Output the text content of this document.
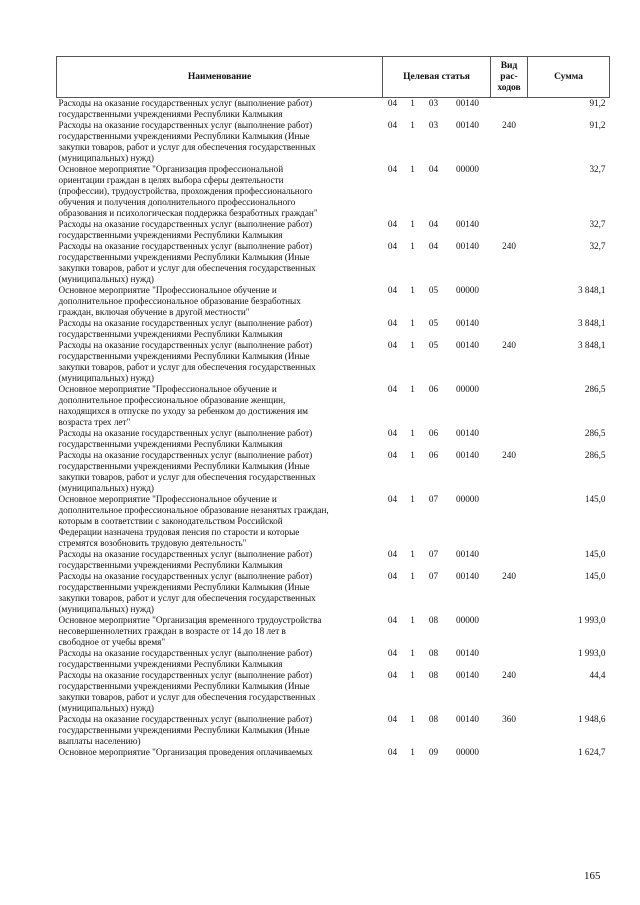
Наименование	Целевая статья				Вид
рас-
ходов	Сумма

Расходы на оказание государственных услуг (выполнение работ)
государственными учреждениями Республики Калмыкия	04	1	03	00140		91,2

Расходы на оказание государственных услуг (выполнение работ)
государственными учреждениями Республики Калмыкия (Иные
закупки товаров, работ и услуг для обеспечения государственных
(муниципальных) нужд)	04	1	03	00140	240	91,2

Основное мероприятие "Организация профессиональной
ориентации граждан в целях выбора сферы деятельности
(профессии), трудоустройства, прохождения профессионального
обучения и получения дополнительного профессионального
образования и психологическая поддержка безработных граждан"	04	1	04	00000		32,7

Расходы на оказание государственных услуг (выполнение работ)
государственными учреждениями Республики Калмыкия	04	1	04	00140		32,7

Расходы на оказание государственных услуг (выполнение работ)
государственными учреждениями Республики Калмыкия (Иные
закупки товаров, работ и услуг для обеспечения государственных
(муниципальных) нужд)	04	1	04	00140	240	32,7

Основное мероприятие "Профессиональное обучение и
дополнительное профессиональное образование безработных
граждан, включая обучение в другой местности"	04	1	05	00000		3 848,1

Расходы на оказание государственных услуг (выполнение работ)
государственными учреждениями Республики Калмыкия	04	1	05	00140		3 848,1

Расходы на оказание государственных услуг (выполнение работ)
государственными учреждениями Республики Калмыкия (Иные
закупки товаров, работ и услуг для обеспечения государственных
(муниципальных) нужд)	04	1	05	00140	240	3 848,1

Основное мероприятие "Профессиональное обучение и
дополнительное профессиональное образование женщин,
находящихся в отпуске по уходу за ребенком до достижения им
возраста трех лет"	04	1	06	00000		286,5

Расходы на оказание государственных услуг (выполнение работ)
государственными учреждениями Республики Калмыкия	04	1	06	00140		286,5

Расходы на оказание государственных услуг (выполнение работ)
государственными учреждениями Республики Калмыкия (Иные
закупки товаров, работ и услуг для обеспечения государственных
(муниципальных) нужд)	04	1	06	00140	240	286,5

Основное мероприятие "Профессиональное обучение и
дополнительное профессиональное образование незанятых граждан,
которым в соответствии с законодательством Российской
Федерации назначена трудовая пенсия по старости и которые
стремятся возобновить трудовую деятельность"	04	1	07	00000		145,0

Расходы на оказание государственных услуг (выполнение работ)
государственными учреждениями Республики Калмыкия	04	1	07	00140		145,0

Расходы на оказание государственных услуг (выполнение работ)
государственными учреждениями Республики Калмыкия (Иные
закупки товаров, работ и услуг для обеспечения государственных
(муниципальных) нужд)	04	1	07	00140	240	145,0

Основное мероприятие "Организация временного трудоустройства
несовершеннолетних граждан в возрасте от 14 до 18 лет в
свободное от учебы время"	04	1	08	00000		1 993,0

Расходы на оказание государственных услуг (выполнение работ)
государственными учреждениями Республики Калмыкия	04	1	08	00140		1 993,0

Расходы на оказание государственных услуг (выполнение работ)
государственными учреждениями Республики Калмыкия (Иные
закупки товаров, работ и услуг для обеспечения государственных
(муниципальных) нужд)	04	1	08	00140	240	44,4

Расходы на оказание государственных услуг (выполнение работ)
государственными учреждениями Республики Калмыкия (Иные
выплаты населению)	04	1	08	00140	360	1 948,6

Основное мероприятие "Организация проведения оплачиваемых	04	1	09	00000		1 624,7
165
